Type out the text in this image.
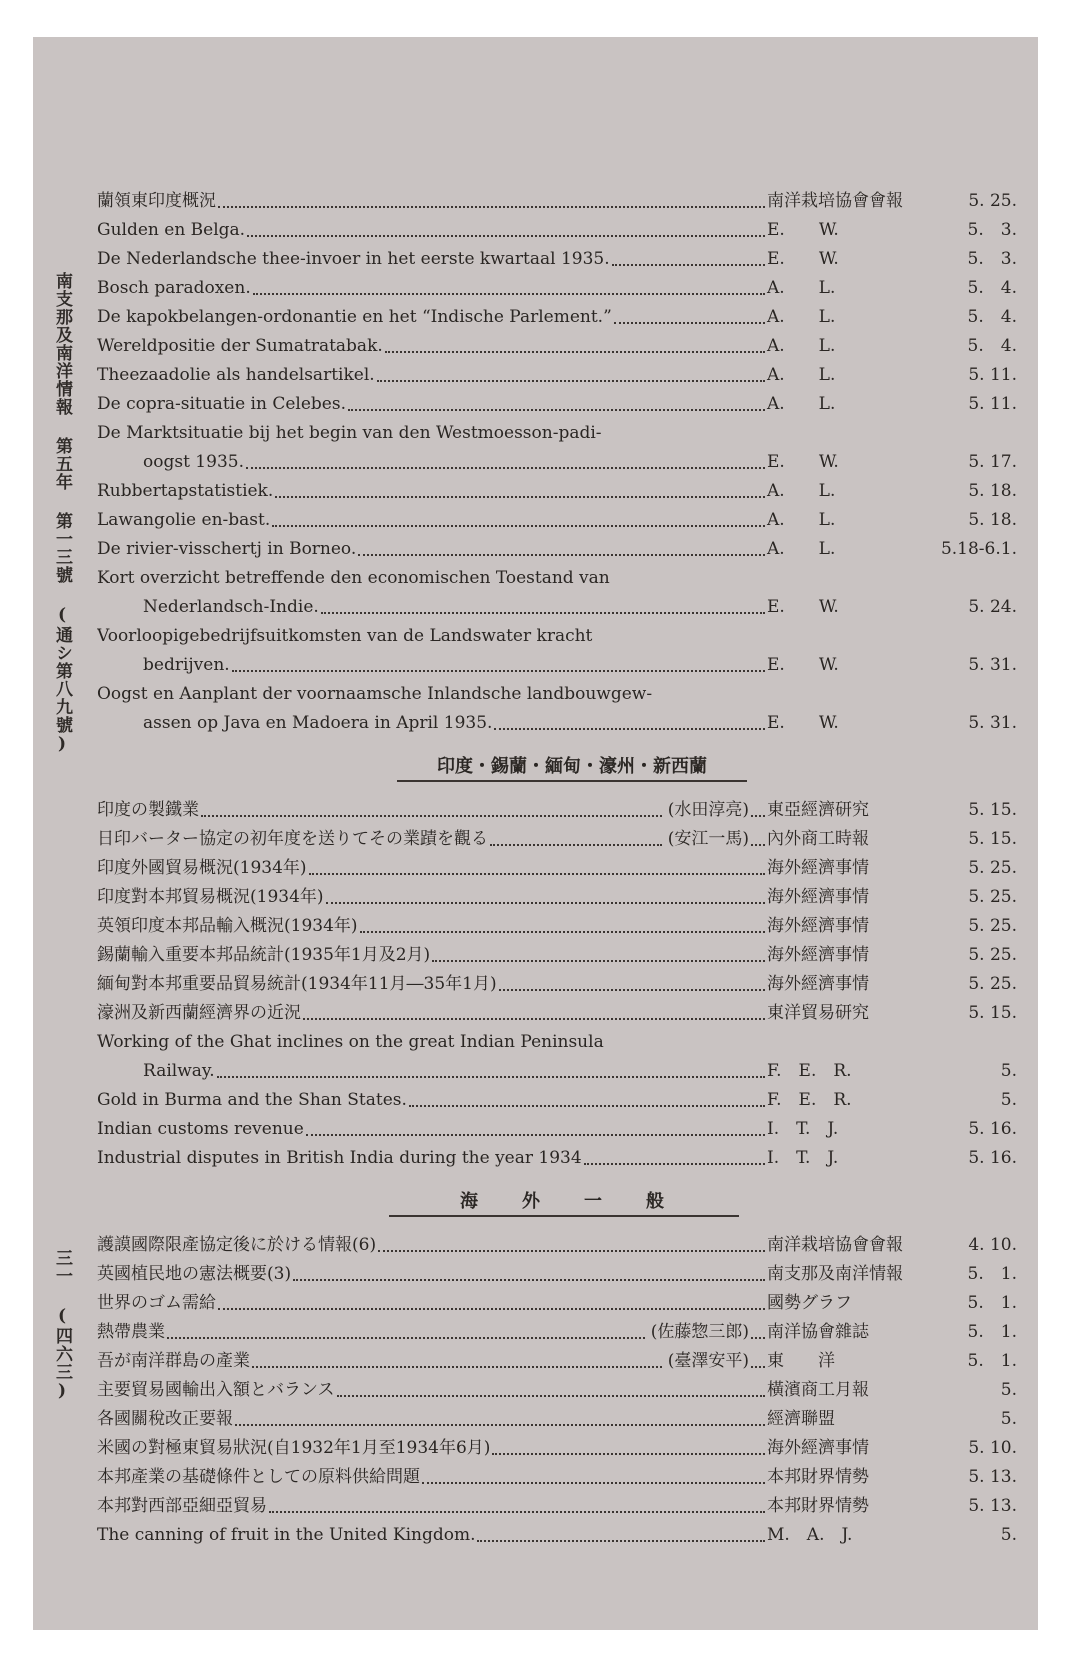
南支那及南洋情報 第五年 第一三號 (通シ第八九號)
三一 (四六三)
蘭領東印度概況	南洋栽培協會會報	5. 25.
Gulden en Belga.	E.　　W.	5.　3.
De Nederlandsche thee-invoer in het eerste kwartaal 1935.	E.　　W.	5.　3.
Bosch paradoxen.	A.　　L.	5.　4.
De kapokbelangen-ordonantie en het “Indische Parlement.”	A.　　L.	5.　4.
Wereldpositie der Sumatratabak.	A.　　L.	5.　4.
Theezaadolie als handelsartikel.	A.　　L.	5. 11.
De copra-situatie in Celebes.	A.　　L.	5. 11.
De Marktsituatie bij het begin van den Westmoesson-padi-
oogst 1935.	E.　　W.	5. 17.
Rubbertapstatistiek.	A.　　L.	5. 18.
Lawangolie en-bast.	A.　　L.	5. 18.
De rivier-visschertj in Borneo.	A.　　L.	5.18-6.1.
Kort overzicht betreffende den economischen Toestand van
Nederlandsch-Indie.	E.　　W.	5. 24.
Voorloopigebedrijfsuitkomsten van de Landswater kracht
bedrijven.	E.　　W.	5. 31.
Oogst en Aanplant der voornaamsche Inlandsche landbouwgew-
assen op Java en Madoera in April 1935.	E.　　W.	5. 31.
印度・錫蘭・緬甸・濠州・新西蘭
印度の製鐵業	(水田淳亮) 東亞經濟研究	5. 15.
日印バーター協定の初年度を送りてその業蹟を觀る	(安江一馬) 內外商工時報	5. 15.
印度外國貿易概況(1934年)	海外經濟事情	5. 25.
印度對本邦貿易概況(1934年)	海外經濟事情	5. 25.
英領印度本邦品輸入概況(1934年)	海外經濟事情	5. 25.
錫蘭輸入重要本邦品統計(1935年1月及2月)	海外經濟事情	5. 25.
緬甸對本邦重要品貿易統計(1934年11月―35年1月)	海外經濟事情	5. 25.
濠洲及新西蘭經濟界の近況	東洋貿易研究	5. 15.
Working of the Ghat inclines on the great Indian Peninsula
Railway.	F.　E.　R.	5.
Gold in Burma and the Shan States.	F.　E.　R.	5.
Indian customs revenue	I.　T.　J.	5. 16.
Industrial disputes in British India during the year 1934	I.　T.　J.	5. 16.
海外一般
護謨國際限產協定後に於ける情報(6)	南洋栽培協會會報	4. 10.
英國植民地の憲法概要(3)	南支那及南洋情報	5.　1.
世界のゴム需給	國勢グラフ	5.　1.
熱帶農業	(佐藤惣三郎) 南洋協會雜誌	5.　1.
吾が南洋群島の產業	(臺澤安平) 東　　洋	5.　1.
主要貿易國輸出入額とバランス	橫濱商工月報	5.
各國關稅改正要報	經濟聯盟	5.
米國の對極東貿易狀況(自1932年1月至1934年6月)	海外經濟事情	5. 10.
本邦產業の基礎條件としての原料供給問題	本邦財界情勢	5. 13.
本邦對西部亞細亞貿易	本邦財界情勢	5. 13.
The canning of fruit in the United Kingdom.	M.　A.　J.	5.
